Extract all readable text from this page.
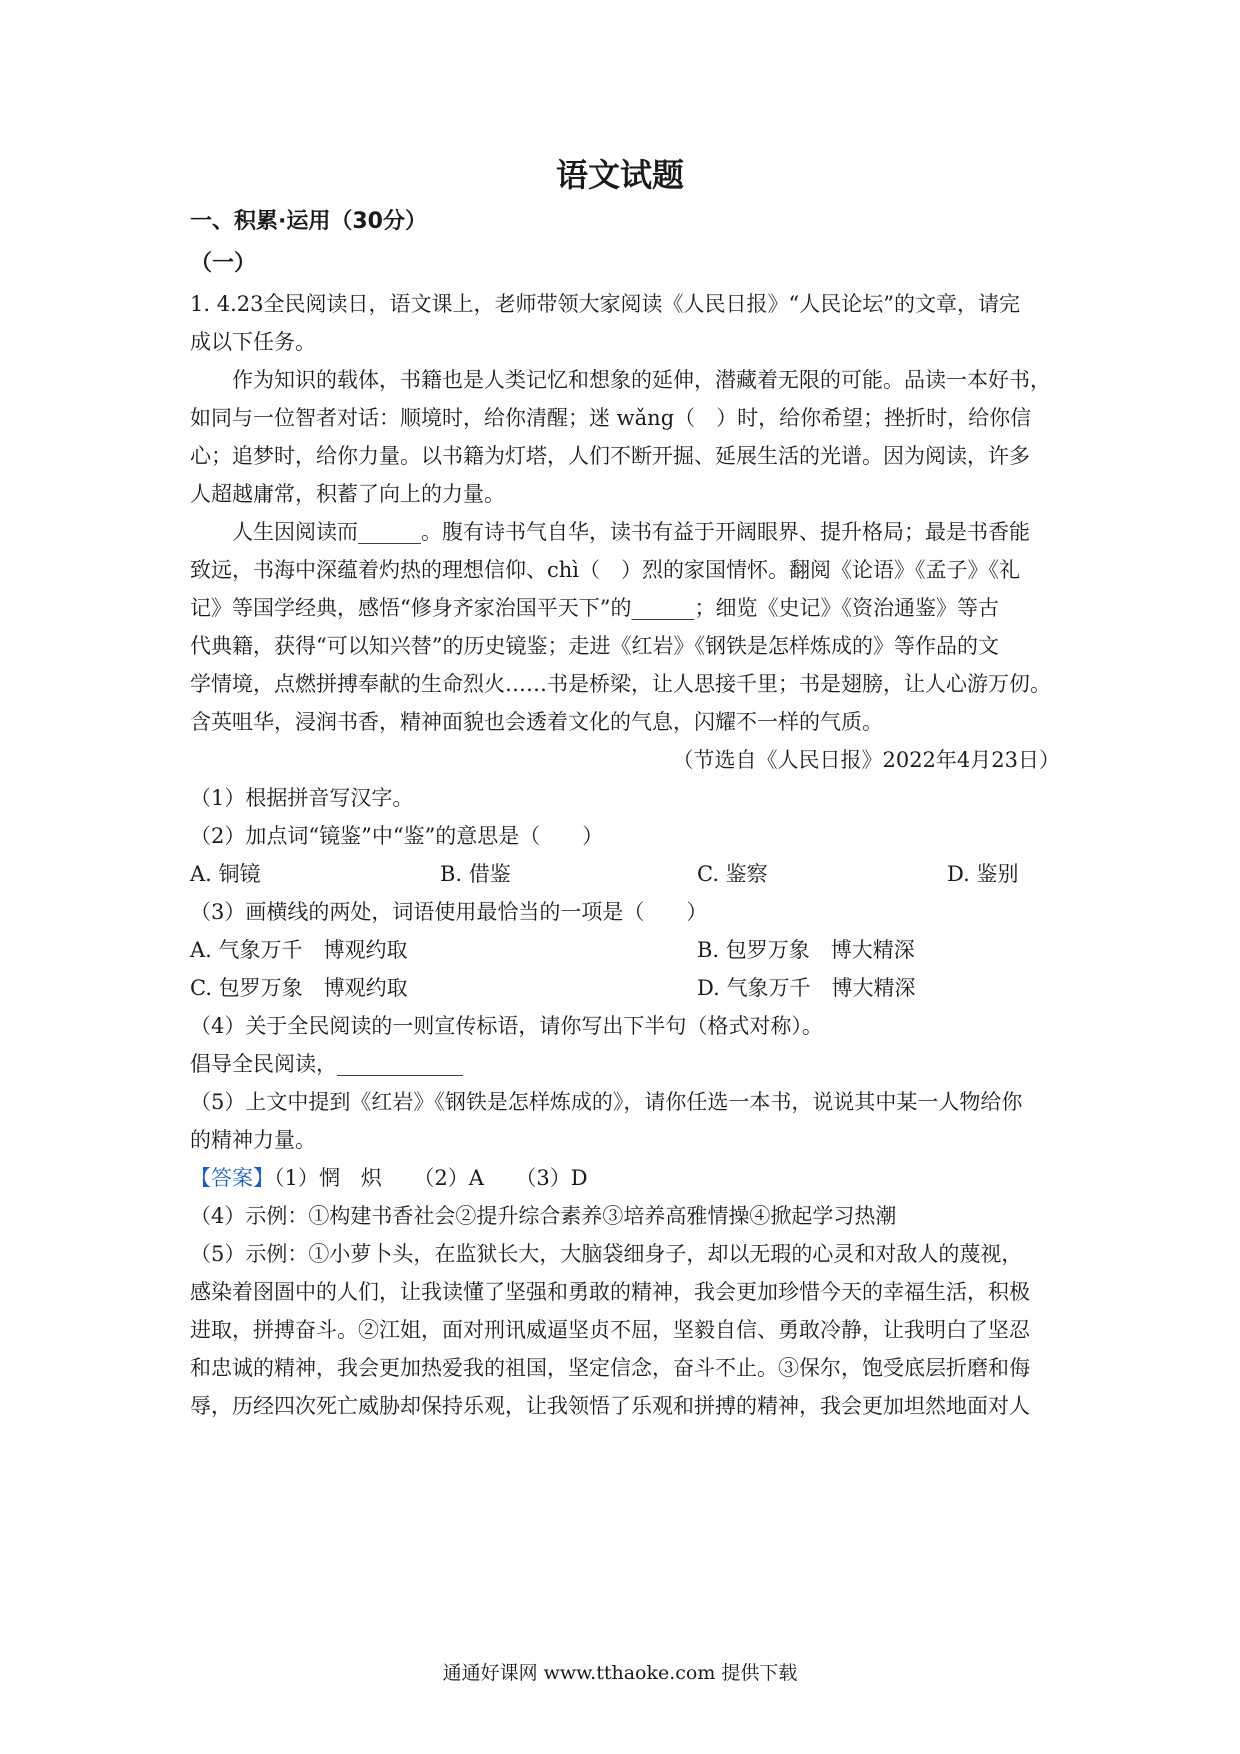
语文试题
一、积累·运用（30分）
（一）
1. 4.23全民阅读日，语文课上，老师带领大家阅读《人民日报》“人民论坛”的文章，请完
成以下任务。
作为知识的载体，书籍也是人类记忆和想象的延伸，潜藏着无限的可能。品读一本好书，
如同与一位智者对话：顺境时，给你清醒；迷 wǎng（　）时，给你希望；挫折时，给你信
心；追梦时，给你力量。以书籍为灯塔，人们不断开掘、延展生活的光谱。因为阅读，许多
人超越庸常，积蓄了向上的力量。
人生因阅读而______。腹有诗书气自华，读书有益于开阔眼界、提升格局；最是书香能
致远，书海中深蕴着灼热的理想信仰、chì（　）烈的家国情怀。翻阅《论语》《孟子》《礼
记》等国学经典，感悟“修身齐家治国平天下”的______；细览《史记》《资治通鉴》等古
代典籍，获得“可以知兴替”的历史镜鉴；走进《红岩》《钢铁是怎样炼成的》等作品的文
学情境，点燃拼搏奉献的生命烈火……书是桥梁，让人思接千里；书是翅膀，让人心游万仞。
含英咀华，浸润书香，精神面貌也会透着文化的气息，闪耀不一样的气质。
（节选自《人民日报》2022年4月23日）
（1）根据拼音写汉字。
（2）加点词“镜鉴”中“鉴”的意思是（　　）
A. 铜镜	B. 借鉴	C. 鉴察	D. 鉴别
（3）画横线的两处，词语使用最恰当的一项是（　　）
A. 气象万千　博观约取	B. 包罗万象　博大精深
C. 包罗万象　博观约取	D. 气象万千　博大精深
（4）关于全民阅读的一则宣传标语，请你写出下半句（格式对称）。
倡导全民阅读，____________
（5）上文中提到《红岩》《钢铁是怎样炼成的》，请你任选一本书，说说其中某一人物给你
的精神力量。
【答案】（1）惘　炽　　（2）A　　（3）D
（4）示例：①构建书香社会②提升综合素养③培养高雅情操④掀起学习热潮
（5）示例：①小萝卜头，在监狱长大，大脑袋细身子，却以无瑕的心灵和对敌人的蔑视，
感染着囹圄中的人们，让我读懂了坚强和勇敢的精神，我会更加珍惜今天的幸福生活，积极
进取，拼搏奋斗。②江姐，面对刑讯威逼坚贞不屈，坚毅自信、勇敢冷静，让我明白了坚忍
和忠诚的精神，我会更加热爱我的祖国，坚定信念，奋斗不止。③保尔，饱受底层折磨和侮
辱，历经四次死亡威胁却保持乐观，让我领悟了乐观和拼搏的精神，我会更加坦然地面对人
通通好课网 www.tthaoke.com 提供下载
